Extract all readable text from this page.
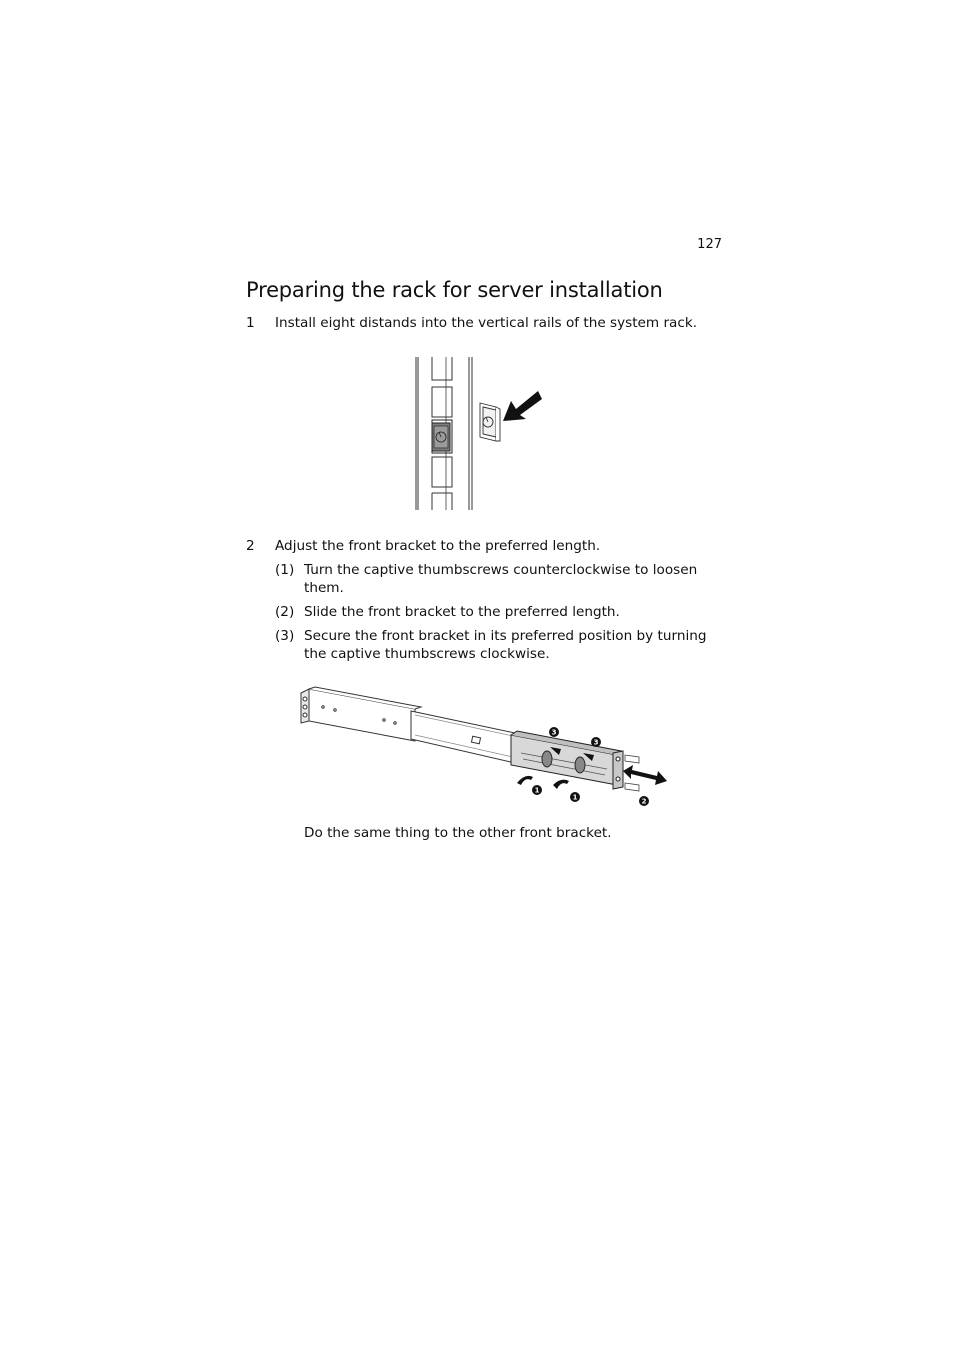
127
Preparing the rack for server installation
1 Install eight distands into the vertical rails of the system rack.
2 Adjust the front bracket to the preferred length.
(1) Turn the captive thumbscrews counterclockwise to loosen
them.
(2) Slide the front bracket to the preferred length.
(3) Secure the front bracket in its preferred position by turning
the captive thumbscrews clockwise.
3
3
1
1	2
Do the same thing to the other front bracket.
